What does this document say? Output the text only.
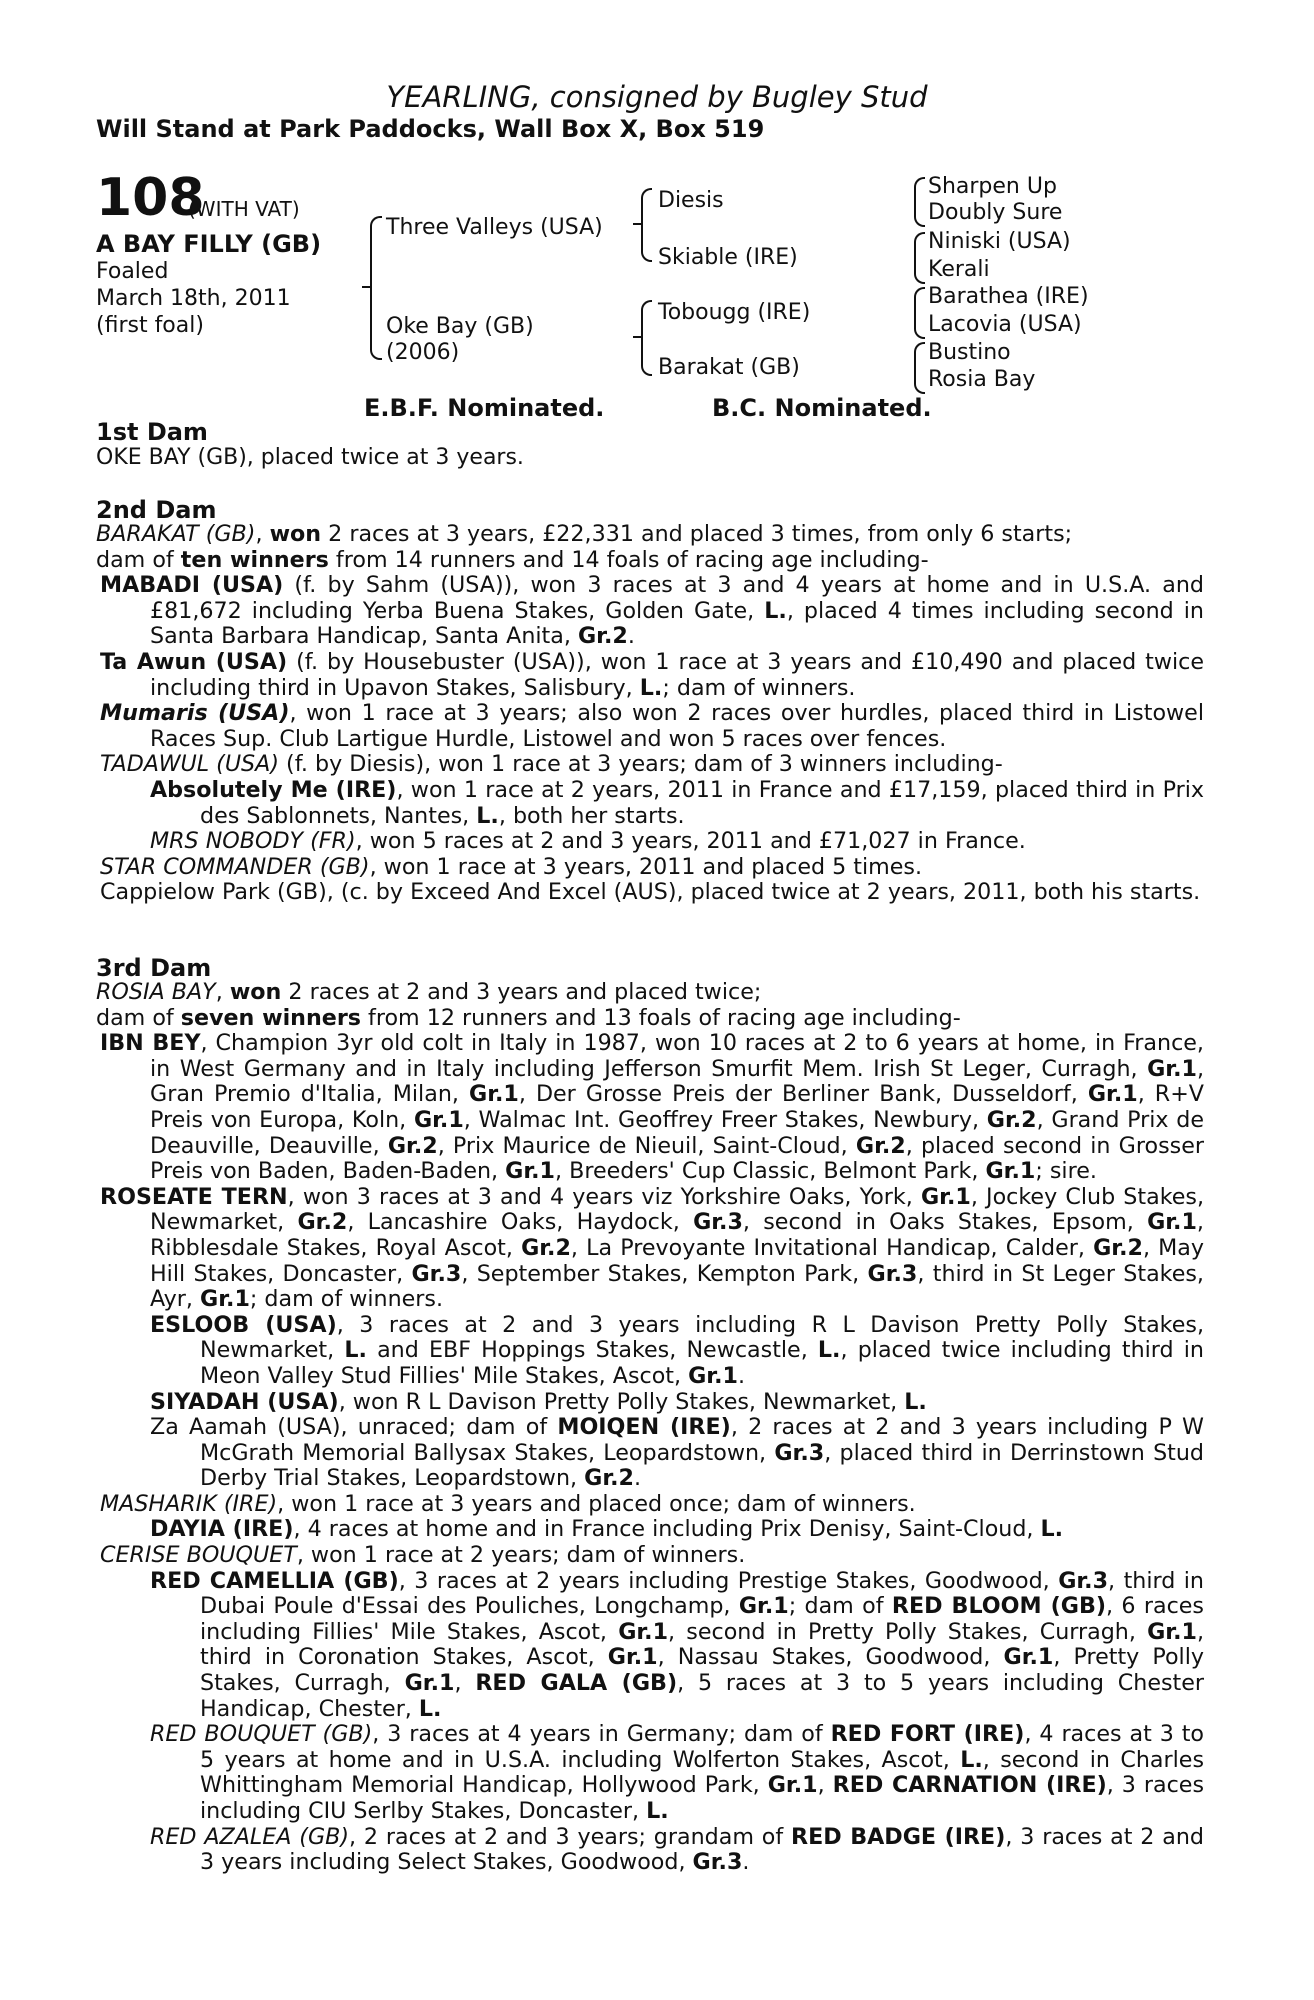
YEARLING, consigned by Bugley Stud
Will Stand at Park Paddocks, Wall Box X, Box 519
108
(WITH VAT)
A BAY FILLY (GB)
Foaled
March 18th, 2011
(first foal)
Three Valleys (USA)
Oke Bay (GB)
(2006)
Diesis
Skiable (IRE)
Tobougg (IRE)
Barakat (GB)
Sharpen Up
Doubly Sure
Niniski (USA)
Kerali
Barathea (IRE)
Lacovia (USA)
Bustino
Rosia Bay
E.B.F. Nominated.	B.C. Nominated.
1st Dam
OKE BAY (GB), placed twice at 3 years.
2nd Dam

BARAKAT (GB), won 2 races at 3 years, £22,331 and placed 3 times, from only 6 starts;

dam of ten winners from 14 runners and 14 foals of racing age including-

MABADI (USA) (f. by Sahm (USA)), won 3 races at 3 and 4 years at home and in U.S.A. and £81,672 including Yerba Buena Stakes, Golden Gate, L., placed 4 times including second in Santa Barbara Handicap, Santa Anita, Gr.2.

Ta Awun (USA) (f. by Housebuster (USA)), won 1 race at 3 years and £10,490 and placed twice including third in Upavon Stakes, Salisbury, L.; dam of winners.

Mumaris (USA), won 1 race at 3 years; also won 2 races over hurdles, placed third in Listowel Races Sup. Club Lartigue Hurdle, Listowel and won 5 races over fences.

TADAWUL (USA) (f. by Diesis), won 1 race at 3 years; dam of 3 winners including-

Absolutely Me (IRE), won 1 race at 2 years, 2011 in France and £17,159, placed third in Prix des Sablonnets, Nantes, L., both her starts.

MRS NOBODY (FR), won 5 races at 2 and 3 years, 2011 and £71,027 in France.

STAR COMMANDER (GB), won 1 race at 3 years, 2011 and placed 5 times.

Cappielow Park (GB), (c. by Exceed And Excel (AUS), placed twice at 2 years, 2011, both his starts.

3rd Dam

ROSIA BAY, won 2 races at 2 and 3 years and placed twice;

dam of seven winners from 12 runners and 13 foals of racing age including-

IBN BEY, Champion 3yr old colt in Italy in 1987, won 10 races at 2 to 6 years at home, in France, in West Germany and in Italy including Jefferson Smurfit Mem. Irish St Leger, Curragh, Gr.1, Gran Premio d'Italia, Milan, Gr.1, Der Grosse Preis der Berliner Bank, Dusseldorf, Gr.1, R+V Preis von Europa, Koln, Gr.1, Walmac Int. Geoffrey Freer Stakes, Newbury, Gr.2, Grand Prix de Deauville, Deauville, Gr.2, Prix Maurice de Nieuil, Saint-Cloud, Gr.2, placed second in Grosser Preis von Baden, Baden-Baden, Gr.1, Breeders' Cup Classic, Belmont Park, Gr.1; sire.

ROSEATE TERN, won 3 races at 3 and 4 years viz Yorkshire Oaks, York, Gr.1, Jockey Club Stakes, Newmarket, Gr.2, Lancashire Oaks, Haydock, Gr.3, second in Oaks Stakes, Epsom, Gr.1, Ribblesdale Stakes, Royal Ascot, Gr.2, La Prevoyante Invitational Handicap, Calder, Gr.2, May Hill Stakes, Doncaster, Gr.3, September Stakes, Kempton Park, Gr.3, third in St Leger Stakes, Ayr, Gr.1; dam of winners.

ESLOOB (USA), 3 races at 2 and 3 years including R L Davison Pretty Polly Stakes, Newmarket, L. and EBF Hoppings Stakes, Newcastle, L., placed twice including third in Meon Valley Stud Fillies' Mile Stakes, Ascot, Gr.1.

SIYADAH (USA), won R L Davison Pretty Polly Stakes, Newmarket, L.

Za Aamah (USA), unraced; dam of MOIQEN (IRE), 2 races at 2 and 3 years including P W McGrath Memorial Ballysax Stakes, Leopardstown, Gr.3, placed third in Derrinstown Stud Derby Trial Stakes, Leopardstown, Gr.2.

MASHARIK (IRE), won 1 race at 3 years and placed once; dam of winners.

DAYIA (IRE), 4 races at home and in France including Prix Denisy, Saint-Cloud, L.

CERISE BOUQUET, won 1 race at 2 years; dam of winners.

RED CAMELLIA (GB), 3 races at 2 years including Prestige Stakes, Goodwood, Gr.3, third in Dubai Poule d'Essai des Pouliches, Longchamp, Gr.1; dam of RED BLOOM (GB), 6 races including Fillies' Mile Stakes, Ascot, Gr.1, second in Pretty Polly Stakes, Curragh, Gr.1, third in Coronation Stakes, Ascot, Gr.1, Nassau Stakes, Goodwood, Gr.1, Pretty Polly Stakes, Curragh, Gr.1, RED GALA (GB), 5 races at 3 to 5 years including Chester Handicap, Chester, L.

RED BOUQUET (GB), 3 races at 4 years in Germany; dam of RED FORT (IRE), 4 races at 3 to 5 years at home and in U.S.A. including Wolferton Stakes, Ascot, L., second in Charles Whittingham Memorial Handicap, Hollywood Park, Gr.1, RED CARNATION (IRE), 3 races including CIU Serlby Stakes, Doncaster, L.

RED AZALEA (GB), 2 races at 2 and 3 years; grandam of RED BADGE (IRE), 3 races at 2 and 3 years including Select Stakes, Goodwood, Gr.3.
